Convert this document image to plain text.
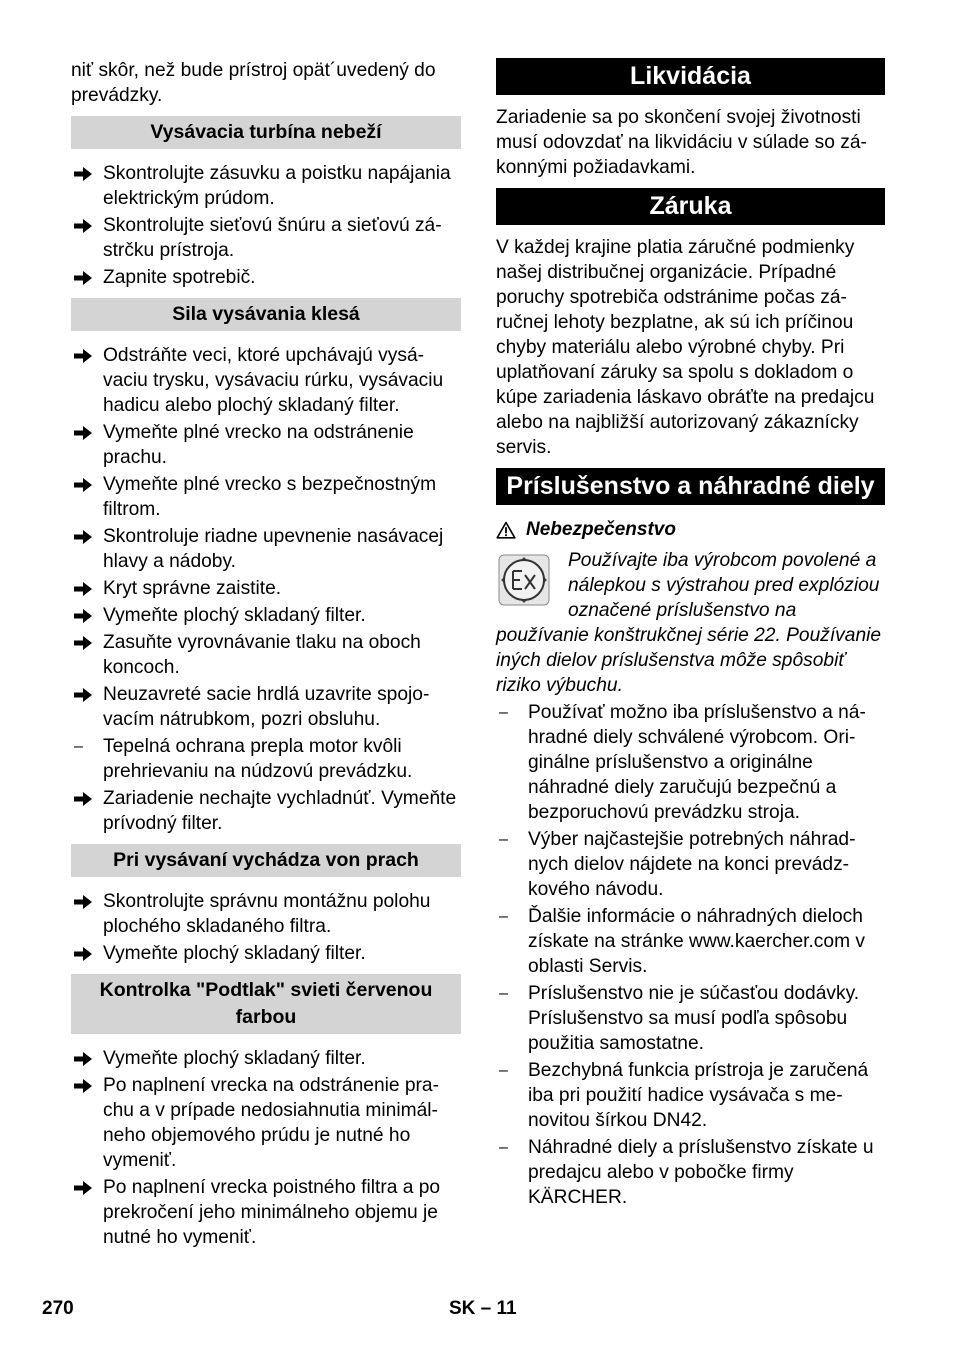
niť skôr, než bude prístroj opät´uvedený do prevádzky.

Vysávacia turbína nebeží
Skontrolujte zásuvku a poistku napájania elektrickým prúdom.
Skontrolujte sieťovú šnúru a sieťovú zástrčku prístroja.
Zapnite spotrebič.
Sila vysávania klesá
Odstráňte veci, ktoré upchávajú vysávaciu trysku, vysávaciu rúrku, vysávaciu hadicu alebo plochý skladaný filter.
Vymeňte plné vrecko na odstránenie prachu.
Vymeňte plné vrecko s bezpečnostným filtrom.
Skontroluje riadne upevnenie nasávacej hlavy a nádoby.
Kryt správne zaistite.
Vymeňte plochý skladaný filter.
Zasuňte vyrovnávanie tlaku na oboch koncoch.
Neuzavreté sacie hrdlá uzavrite spojovacím nátrubkom, pozri obsluhu.
–	Tepelná ochrana prepla motor kvôli prehrievaniu na núdzovú prevádzku.
Zariadenie nechajte vychladnúť. Vymeňte prívodný filter.
Pri vysávaní vychádza von prach
Skontrolujte správnu montážnu polohu plochého skladaného filtra.
Vymeňte plochý skladaný filter.
Kontrolka "Podtlak" svieti červenou farbou
Vymeňte plochý skladaný filter.
Po naplnení vrecka na odstránenie prachu a v prípade nedosiahnutia minimálneho objemového prúdu je nutné ho vymeniť.
Po naplnení vrecka poistného filtra a po prekročení jeho minimálneho objemu je nutné ho vymeniť.
Likvidácia

Zariadenie sa po skončení svojej životnosti musí odovzdať na likvidáciu v súlade so zákonnými požiadavkami.

Záruka

V každej krajine platia záručné podmienky našej distribučnej organizácie. Prípadné poruchy spotrebiča odstránime počas záručnej lehoty bezplatne, ak sú ich príčinou chyby materiálu alebo výrobné chyby. Pri uplatňovaní záruky sa spolu s dokladom o kúpe zariadenia láskavo obráťte na predajcu alebo na najbližší autorizovaný zákaznícky servis.

Príslušenstvo a náhradné diely
Nebezpečenstvo

Používajte iba výrobcom povolené a nálepkou s výstrahou pred explóziou označené príslušenstvo na používanie konštrukčnej série 22. Používanie iných dielov príslušenstva môže spôsobiť riziko výbuchu.

–	Používať možno iba príslušenstvo a náhradné diely schválené výrobcom. Originálne príslušenstvo a originálne náhradné diely zaručujú bezpečnú a bezporuchovú prevádzku stroja.
–	Výber najčastejšie potrebných náhradnych dielov nájdete na konci prevádzkového návodu.
–	Ďalšie informácie o náhradných dieloch získate na stránke www.kaercher.com v oblasti Servis.
–	Príslušenstvo nie je súčasťou dodávky. Príslušenstvo sa musí podľa spôsobu použitia samostatne.
–	Bezchybná funkcia prístroja je zaručená iba pri použití hadice vysávača s menovitou šírkou DN42.
–	Náhradné diely a príslušenstvo získate u predajcu alebo v pobočke firmy KÄRCHER.
270	SK – 11
